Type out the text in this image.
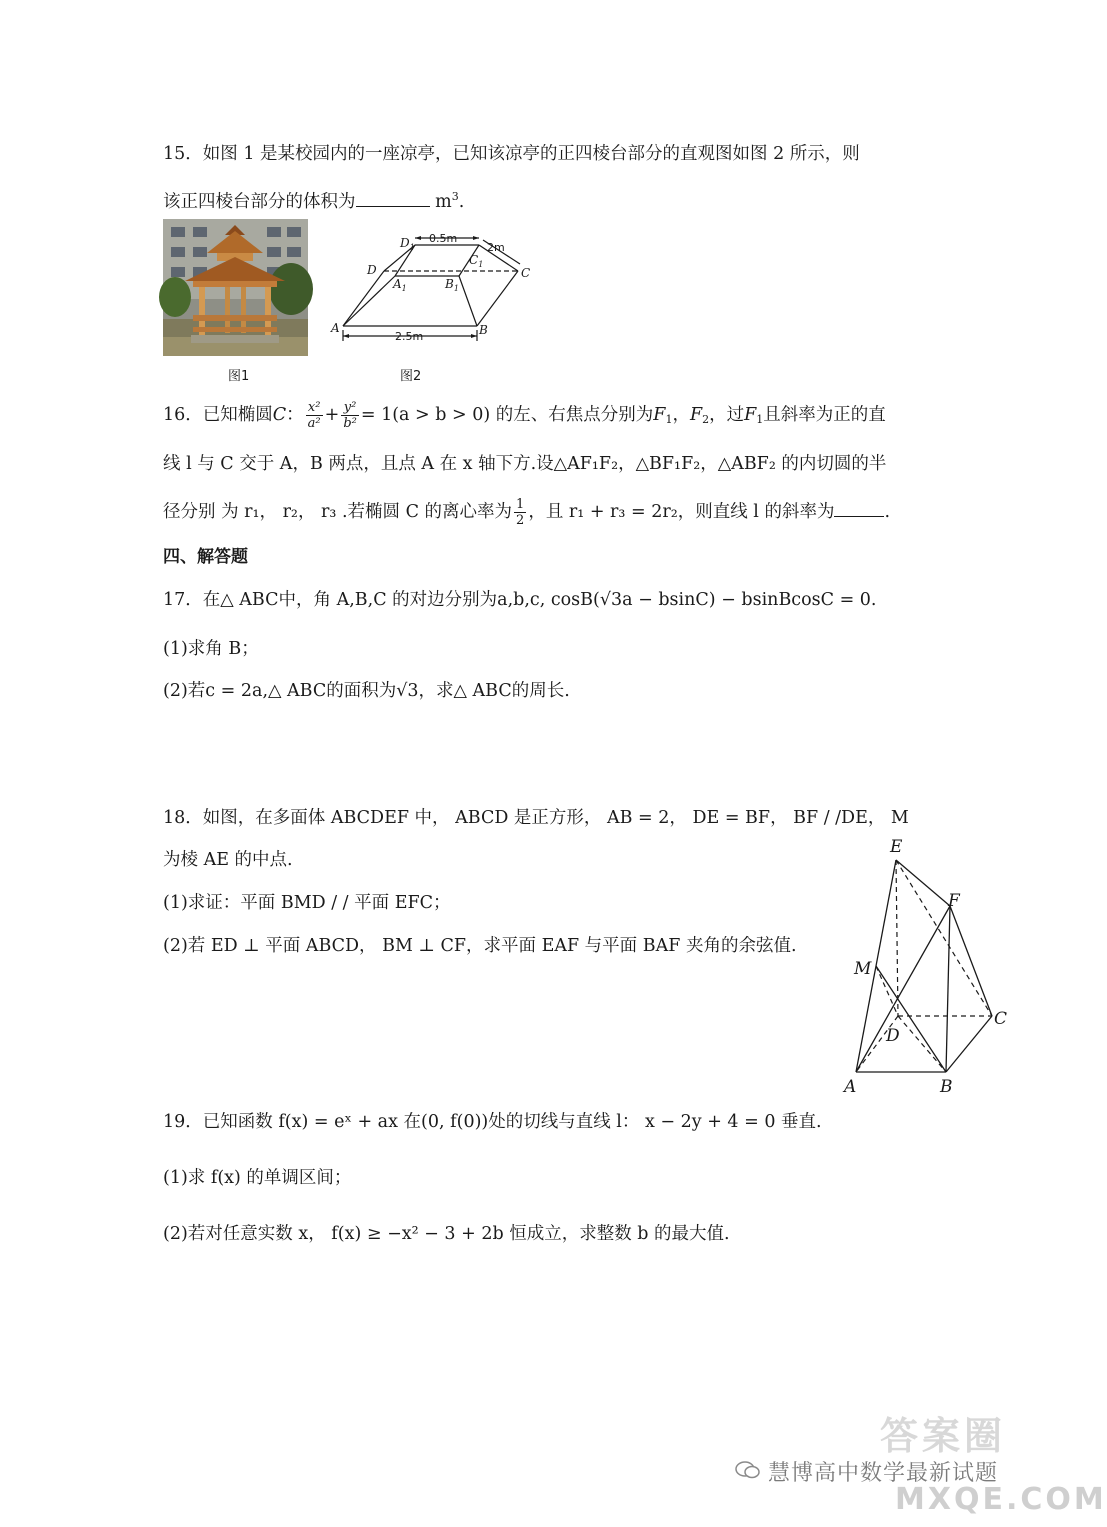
15．如图 1 是某校园内的一座凉亭，已知该凉亭的正四棱台部分的直观图如图 2 所示，则
该正四棱台部分的体积为	$m^3$.
图1
$D_1$
$C_1$
D	C
$A_1$	$B_1$
A	B
0.5m
2m
2.5m
图2
16．已知椭圆C： $\frac{\text{x²}}{\text{a²}} + \frac{\text{y²}}{\text{b²}} = 1(a > b > 0)$ 的左、右焦点分别为$F_1$，$F_2$，过$F_1$且斜率为正的直
线 l 与 C 交于 A，B 两点，且点 A 在 x 轴下方.设△AF₁F₂，△BF₁F₂，△ABF₂ 的内切圆的半
径分别 为 r₁， r₂， r₃ .若椭圆 C 的离心率为 $\frac{1}{2}$ ，且 r₁ + r₃ = 2r₂，则直线 l 的斜率为	.
四、解答题
17．在△ ABC中，角 A,B,C 的对边分别为a,b,c, cosB(√3a − bsinC) − bsinBcosC = 0.
(1)求角 B；
(2)若c = 2a,△ ABC的面积为√3，求△ ABC的周长.
18．如图，在多面体 ABCDEF 中， ABCD 是正方形， AB = 2， DE = BF， BF / /DE， M
为棱 AE 的中点.
(1)求证：平面 BMD / / 平面 EFC；
(2)若 ED ⊥ 平面 ABCD， BM ⊥ CF，求平面 EAF 与平面 BAF 夹角的余弦值.
E
F
M
D
C
A	B
19．已知函数 f(x) = eˣ + ax 在(0, f(0))处的切线与直线 l： x − 2y + 4 = 0 垂直.
(1)求 f(x) 的单调区间；
(2)若对任意实数 x， f(x) ≥ −x² − 3 + 2b 恒成立，求整数 b 的最大值.
慧博高中数学最新试题
答案圈
MXQE.COM
